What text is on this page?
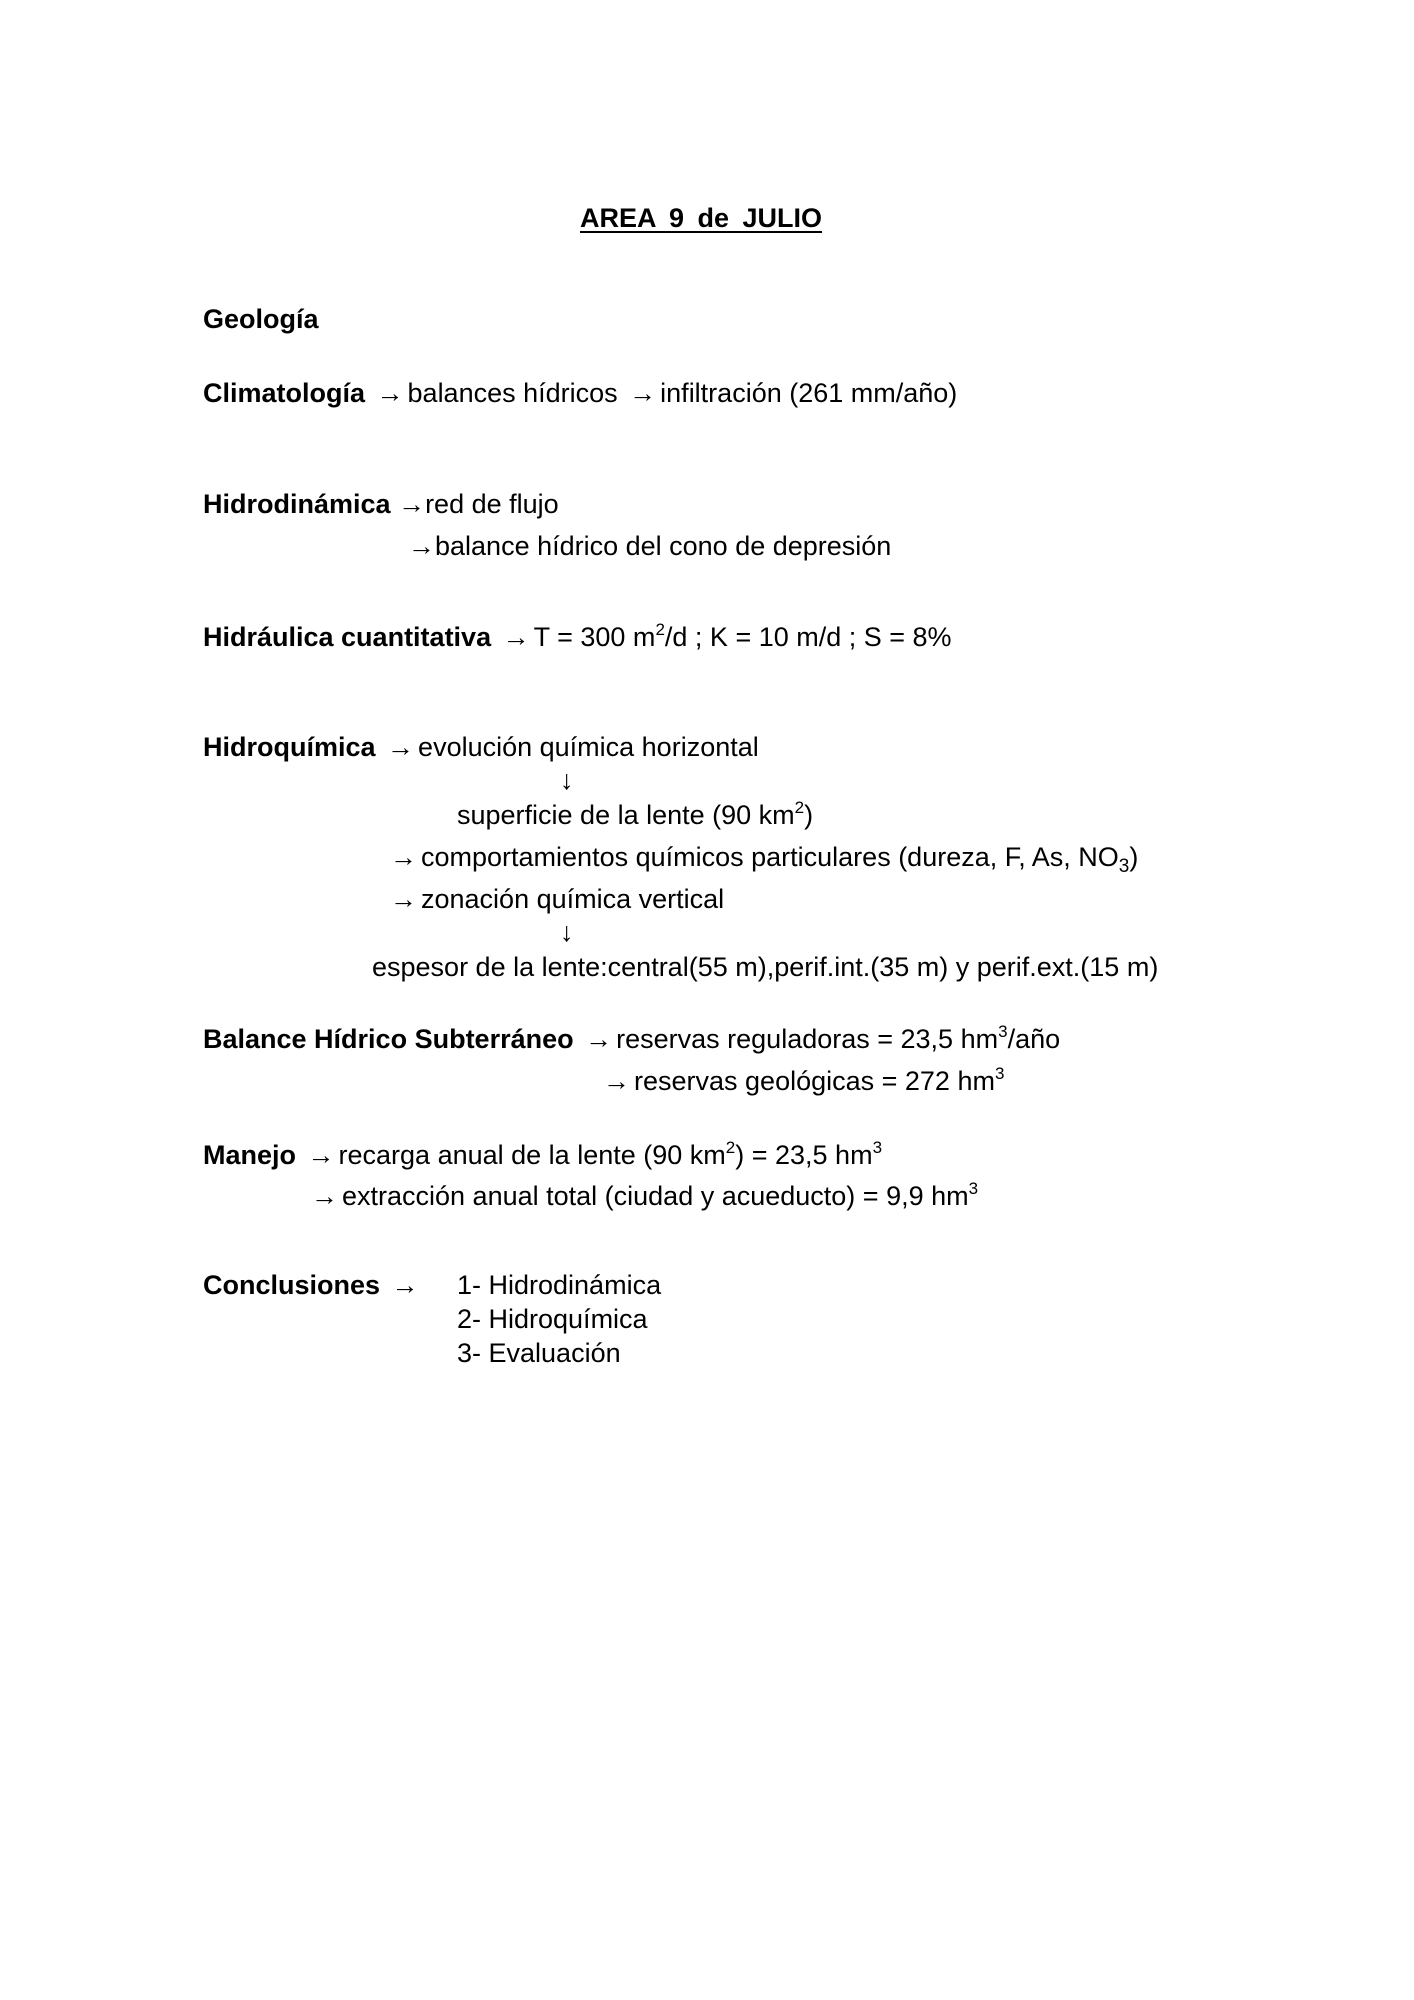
AREA 9 de JULIO
Geología
Climatología → balances hídricos → infiltración (261 mm/año)
Hidrodinámica →red de flujo
→balance hídrico del cono de depresión
Hidráulica cuantitativa → T = 300 $m^2/d$ ; K = 10 m/d ; S = 8%
Hidroquímica → evolución química horizontal
↓
superficie de la lente (90 $km^2$)
→ comportamientos químicos particulares (dureza, F, As, $NO_3$)
→ zonación química vertical
↓
espesor de la lente:central(55 m),perif.int.(35 m) y perif.ext.(15 m)
Balance Hídrico Subterráneo → reservas reguladoras = 23,5 $hm^3$/año
→ reservas geológicas = 272 $hm^3$
Manejo → recarga anual de la lente (90 $km^2) = 23,5$ $hm^3$
→ extracción anual total (ciudad y acueducto) = 9,9 $hm^3$
Conclusiones → 1- Hidrodinámica
2- Hidroquímica
3- Evaluación
